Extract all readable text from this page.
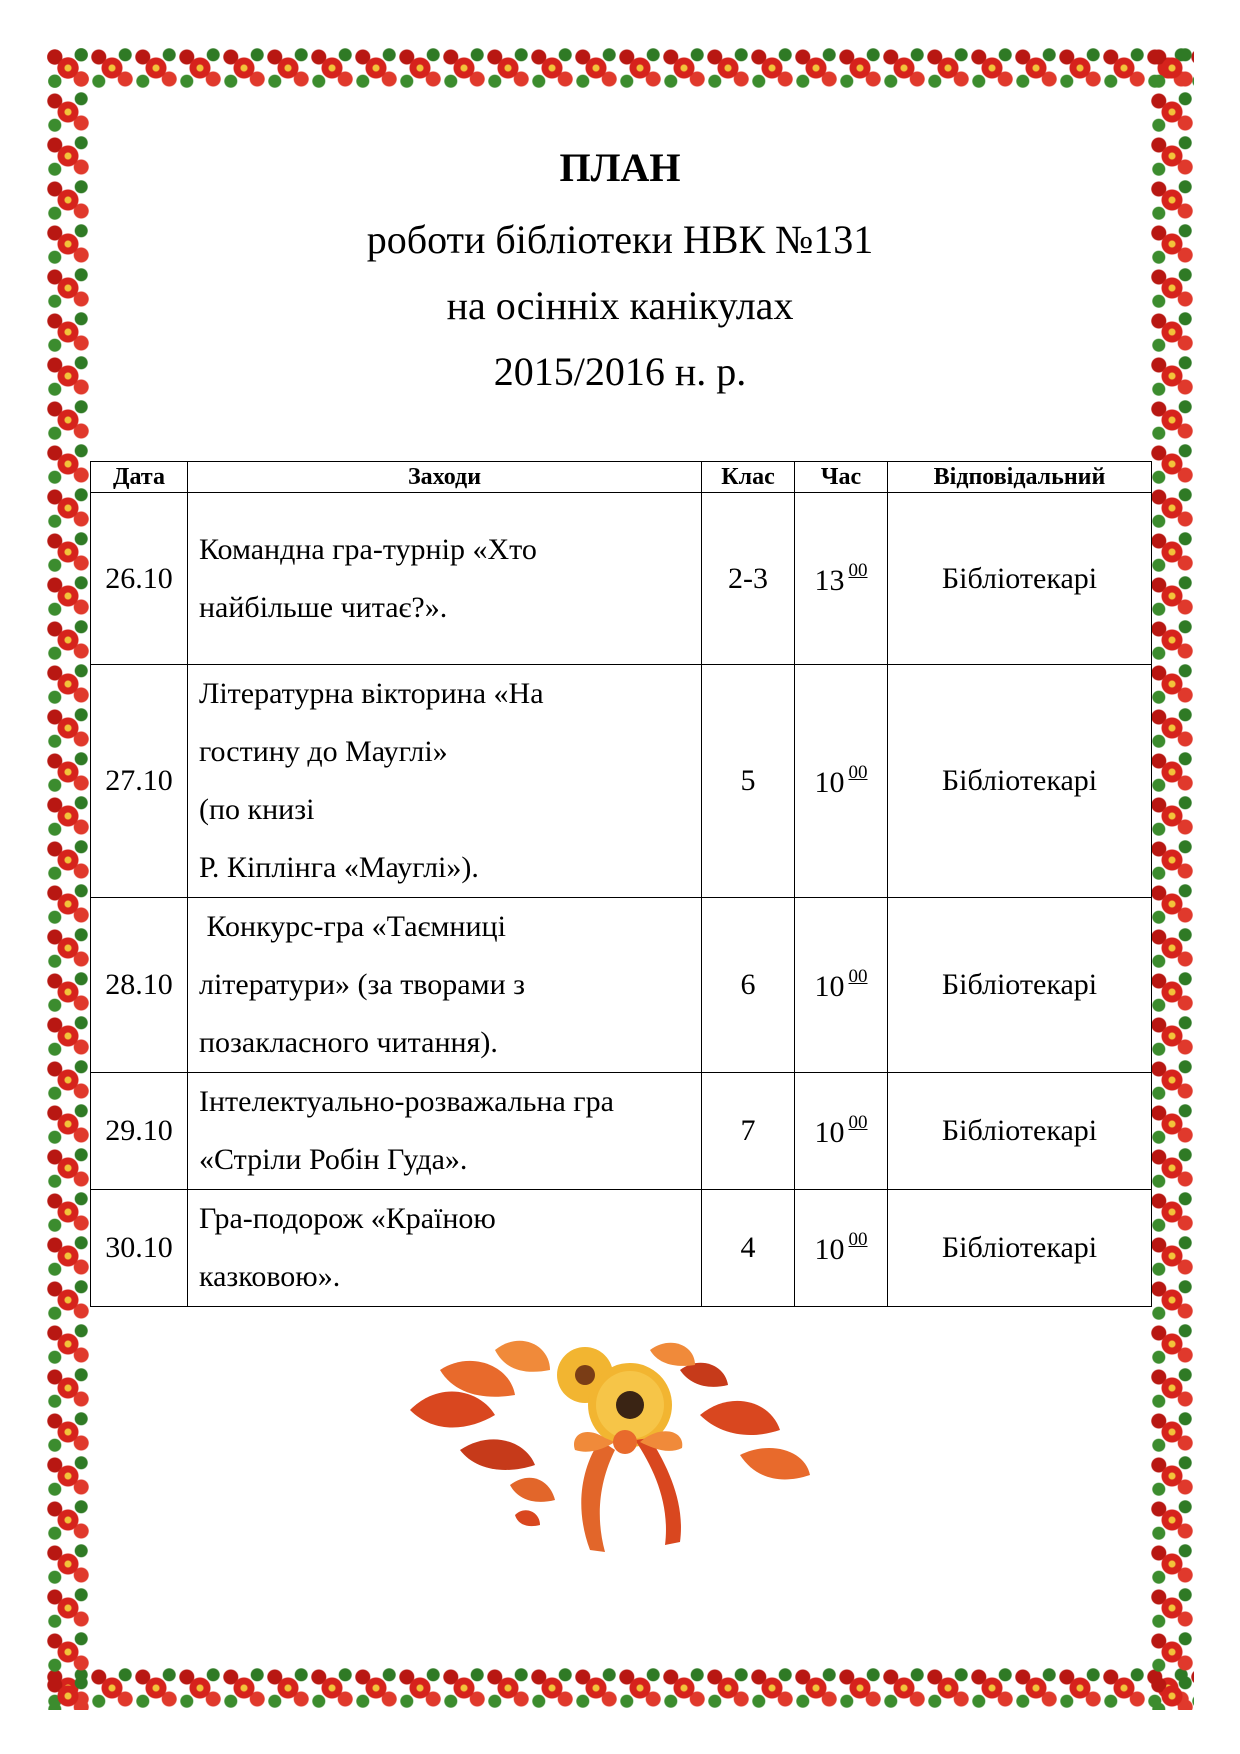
ПЛАН

роботи бібліотеки НВК №131

на осінніх канікулах

2015/2016 н. р.

Дата	Заходи	Клас	Час	Відповідальний
26.10	Командна гра-турнір «Хто
найбільше читає?».	2-3	13 $^{00}$	Бібліотекарі
27.10	Літературна вікторина «На
гостину до Мауглі»
(по книзі
Р. Кіплінга «Мауглі»).	5	10 $^{00}$	Бібліотекарі
28.10	Конкурс-гра «Таємниці
літератури» (за творами з
позакласного читання).	6	10 $^{00}$	Бібліотекарі
29.10	Інтелектуально-розважальна гра
«Стріли Робін Гуда».	7	10 $^{00}$	Бібліотекарі
30.10	Гра-подорож «Країною
казковою».	4	10 $^{00}$	Бібліотекарі
